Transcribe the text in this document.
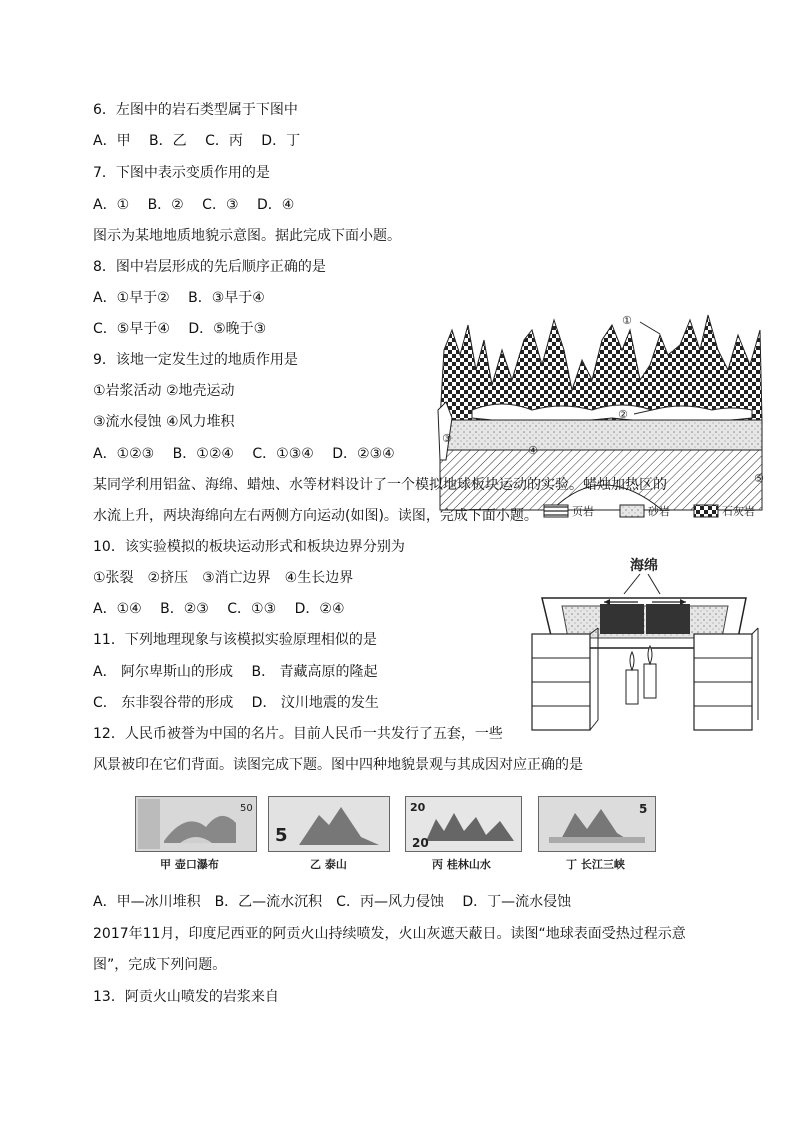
6．左图中的岩石类型属于下图中
A．甲　 B．乙　 C．丙　 D．丁
7．下图中表示变质作用的是
A．①　 B．②　 C．③　 D．④
图示为某地地质地貌示意图。据此完成下面小题。
8．图中岩层形成的先后顺序正确的是
A．①早于②　 B．③早于④
C．⑤早于④　 D．⑤晚于③
9．该地一定发生过的地质作用是
①岩浆活动 ②地壳运动
③流水侵蚀 ④风力堆积
A．①②③　 B．①②④　 C．①③④　 D．②③④
①
②
③
④
⑤
页岩	砂岩	石灰岩
某同学利用铝盆、海绵、蜡烛、水等材料设计了一个模拟地球板块运动的实验。蜡烛加热区的
水流上升，两块海绵向左右两侧方向运动(如图)。读图，完成下面小题。
10．该实验模拟的板块运动形式和板块边界分别为
①张裂　②挤压　③消亡边界　④生长边界
A．①④　 B．②③　 C．①③　 D．②④
11．下列地理现象与该模拟实验原理相似的是
A． 阿尔卑斯山的形成　 B． 青藏高原的隆起
C． 东非裂谷带的形成　 D． 汶川地震的发生
12．人民币被誉为中国的名片。目前人民币一共发行了五套，一些
风景被印在它们背面。读图完成下题。图中四种地貌景观与其成因对应正确的是
海绵
50
甲 壶口瀑布
5
乙 泰山
20
20
丙 桂林山水
5
丁 长江三峡
A．甲—冰川堆积　B．乙—流水沉积　C．丙—风力侵蚀　 D．丁—流水侵蚀
2017年11月，印度尼西亚的阿贡火山持续喷发，火山灰遮天蔽日。读图“地球表面受热过程示意
图”，完成下列问题。
13．阿贡火山喷发的岩浆来自
